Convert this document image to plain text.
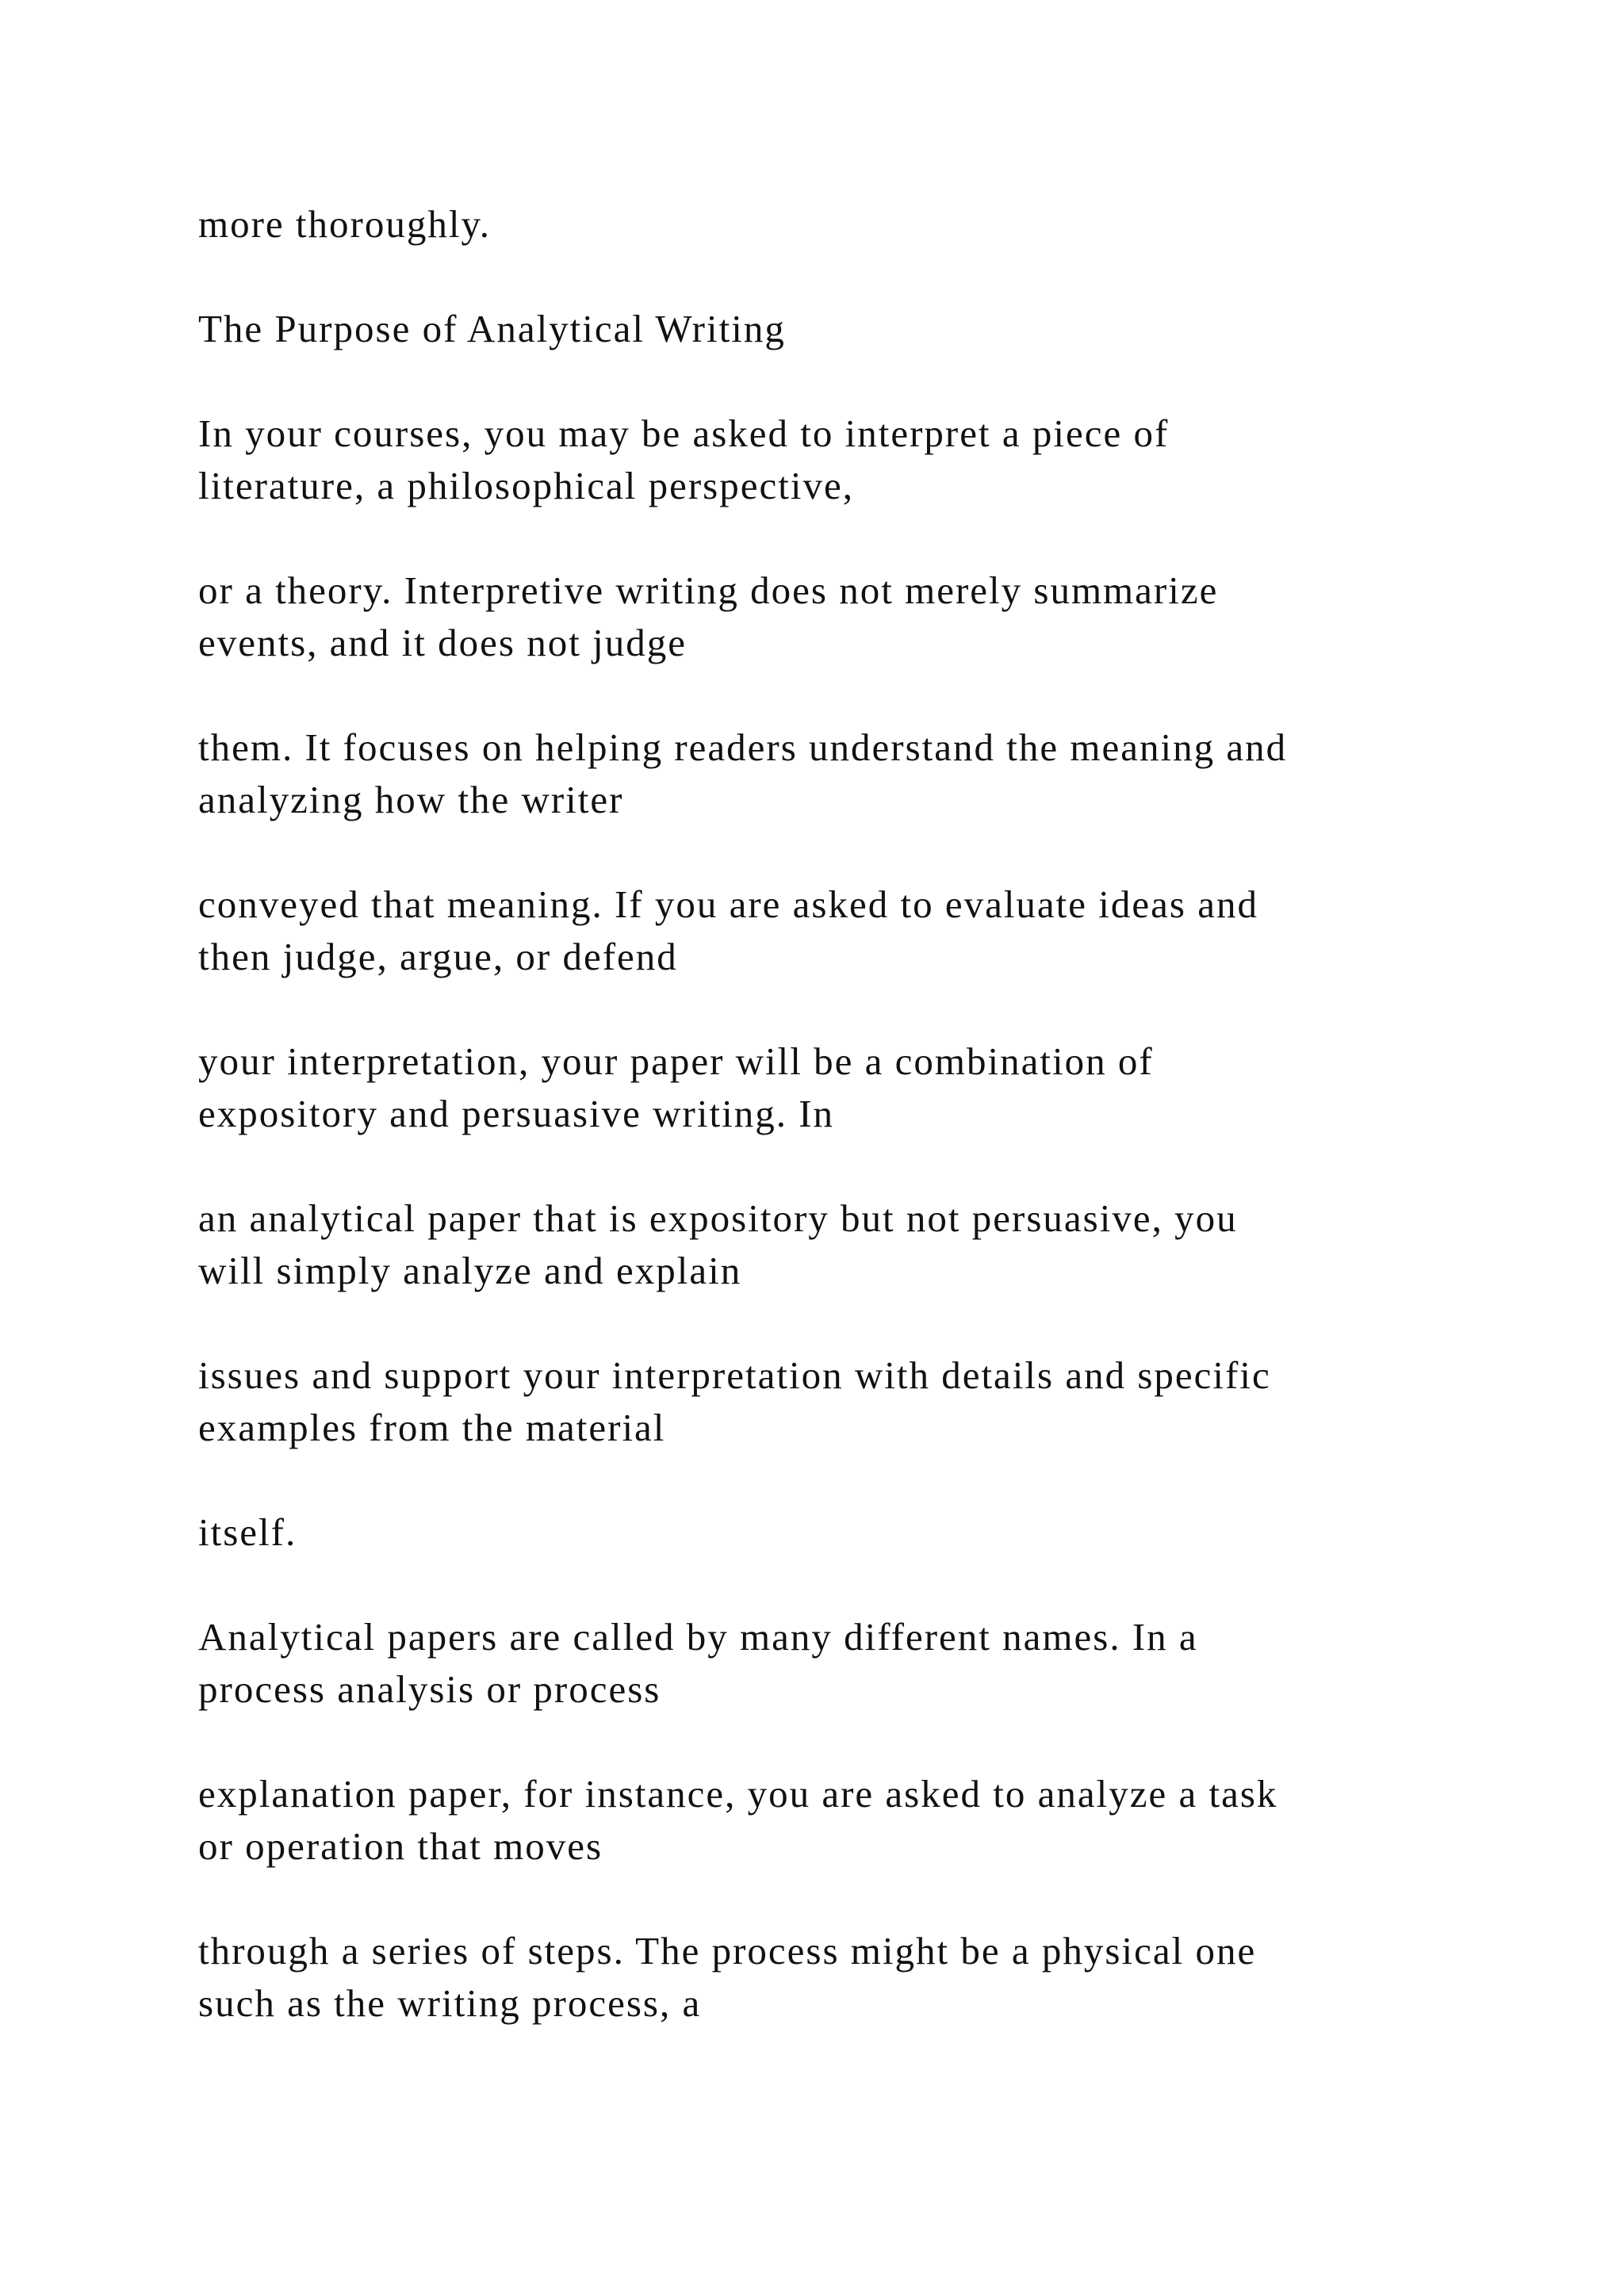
more thoroughly.

The Purpose of Analytical Writing

In your courses, you may be asked to interpret a piece of
literature, a philosophical perspective,

or a theory. Interpretive writing does not merely summarize
events, and it does not judge

them. It focuses on helping readers understand the meaning and
analyzing how the writer

conveyed that meaning. If you are asked to evaluate ideas and
then judge, argue, or defend

your interpretation, your paper will be a combination of
expository and persuasive writing. In

an analytical paper that is expository but not persuasive, you
will simply analyze and explain

issues and support your interpretation with details and specific
examples from the material

itself.

Analytical papers are called by many different names. In a
process analysis or process

explanation paper, for instance, you are asked to analyze a task
or operation that moves

through a series of steps. The process might be a physical one
such as the writing process, a
